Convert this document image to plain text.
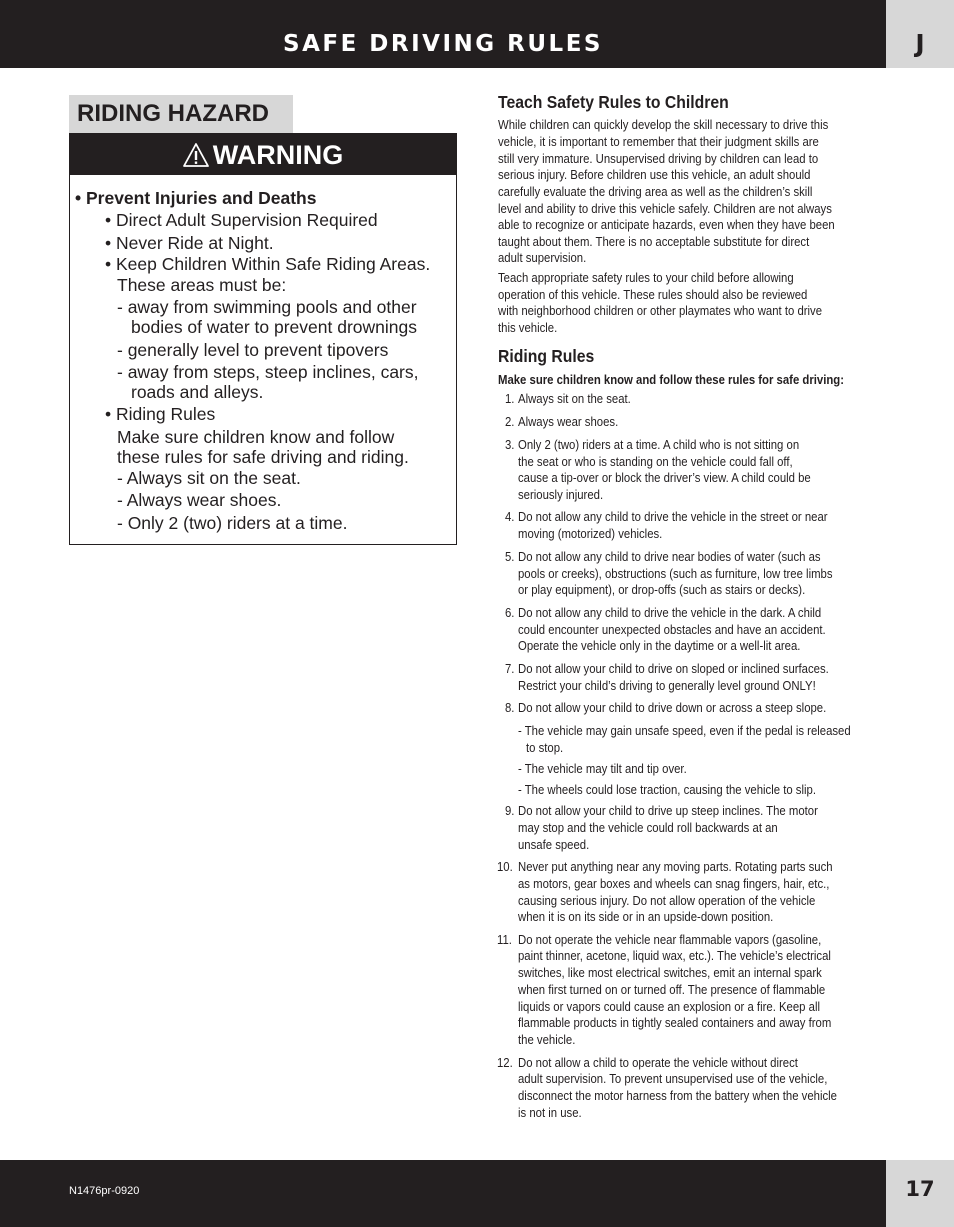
SAFE DRIVING RULES	J
RIDING HAZARD
WARNING
• Prevent Injuries and Deaths
• Direct Adult Supervision Required
• Never Ride at Night.
• Keep Children Within Safe Riding Areas.
These areas must be:
- away from swimming pools and other
bodies of water to prevent drownings
- generally level to prevent tipovers
- away from steps, steep inclines, cars,
roads and alleys.
• Riding Rules
Make sure children know and follow
these rules for safe driving and riding.
- Always sit on the seat.
- Always wear shoes.
- Only 2 (two) riders at a time.
Teach Safety Rules to Children
While children can quickly develop the skill necessary to drive this
vehicle, it is important to remember that their judgment skills are
still very immature. Unsupervised driving by children can lead to
serious injury. Before children use this vehicle, an adult should
carefully evaluate the driving area as well as the children’s skill
level and ability to drive this vehicle safely. Children are not always
able to recognize or anticipate hazards, even when they have been
taught about them. There is no acceptable substitute for direct
adult supervision.
Teach appropriate safety rules to your child before allowing
operation of this vehicle. These rules should also be reviewed
with neighborhood children or other playmates who want to drive
this vehicle.
Riding Rules
Make sure children know and follow these rules for safe driving:
1. Always sit on the seat.
2. Always wear shoes.
3. Only 2 (two) riders at a time. A child who is not sitting on
the seat or who is standing on the vehicle could fall off,
cause a tip-over or block the driver’s view. A child could be
seriously injured.
4. Do not allow any child to drive the vehicle in the street or near
moving (motorized) vehicles.
5. Do not allow any child to drive near bodies of water (such as
pools or creeks), obstructions (such as furniture, low tree limbs
or play equipment), or drop-offs (such as stairs or decks).
6. Do not allow any child to drive the vehicle in the dark. A child
could encounter unexpected obstacles and have an accident.
Operate the vehicle only in the daytime or a well-lit area.
7. Do not allow your child to drive on sloped or inclined surfaces.
Restrict your child’s driving to generally level ground ONLY!
8. Do not allow your child to drive down or across a steep slope.
- The vehicle may gain unsafe speed, even if the pedal is released
to stop.
- The vehicle may tilt and tip over.
- The wheels could lose traction, causing the vehicle to slip.
9. Do not allow your child to drive up steep inclines. The motor
may stop and the vehicle could roll backwards at an
unsafe speed.
10. Never put anything near any moving parts. Rotating parts such
as motors, gear boxes and wheels can snag fingers, hair, etc.,
causing serious injury. Do not allow operation of the vehicle
when it is on its side or in an upside-down position.
11. Do not operate the vehicle near flammable vapors (gasoline,
paint thinner, acetone, liquid wax, etc.). The vehicle’s electrical
switches, like most electrical switches, emit an internal spark
when first turned on or turned off. The presence of flammable
liquids or vapors could cause an explosion or a fire. Keep all
flammable products in tightly sealed containers and away from
the vehicle.
12. Do not allow a child to operate the vehicle without direct
adult supervision. To prevent unsupervised use of the vehicle,
disconnect the motor harness from the battery when the vehicle
is not in use.
N1476pr-0920	17
